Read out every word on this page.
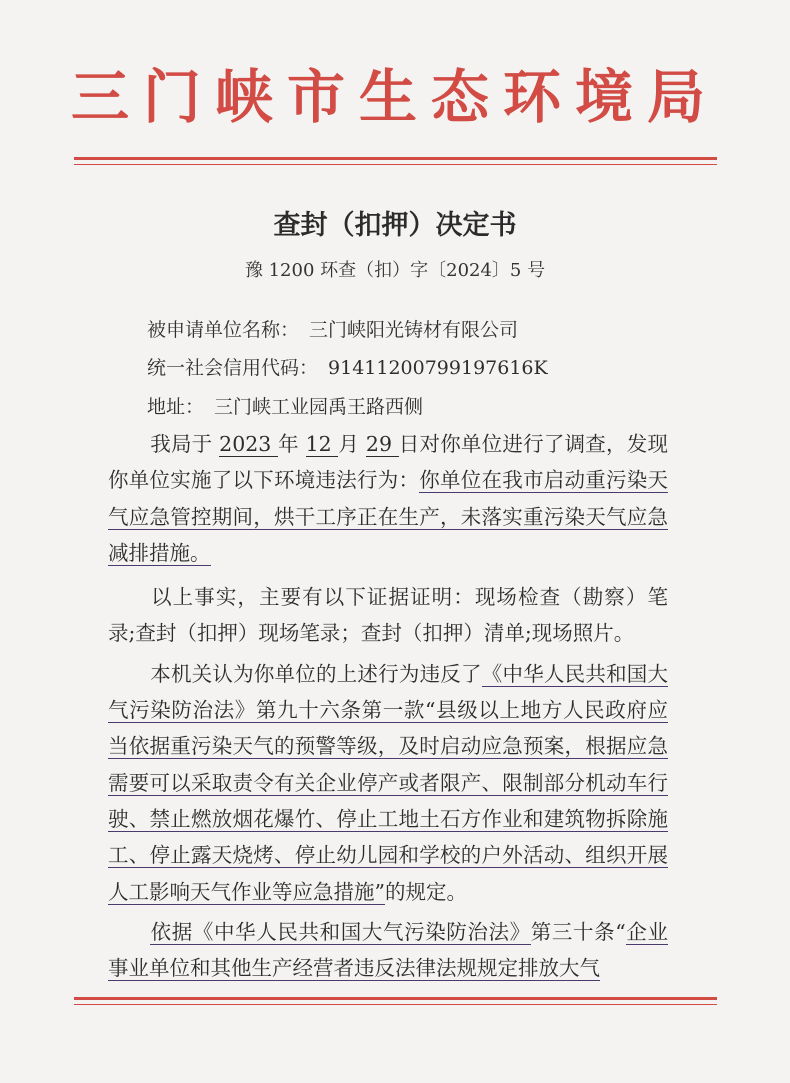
三门峡市生态环境局
查封（扣押）决定书
豫 1200 环查（扣）字〔2024〕5 号
被申请单位名称： 三门峡阳光铸材有限公司
统一社会信用代码： 91411200799197616K
地址： 三门峡工业园禹王路西侧

我局于 2023 年 12 月 29 日对你单位进行了调查，发现你单位实施了以下环境违法行为：你单位在我市启动重污染天气应急管控期间，烘干工序正在生产，未落实重污染天气应急减排措施。

以上事实，主要有以下证据证明：现场检查（勘察）笔录;查封（扣押）现场笔录；查封（扣押）清单;现场照片。

本机关认为你单位的上述行为违反了《中华人民共和国大气污染防治法》第九十六条第一款“县级以上地方人民政府应当依据重污染天气的预警等级，及时启动应急预案，根据应急需要可以采取责令有关企业停产或者限产、限制部分机动车行驶、禁止燃放烟花爆竹、停止工地土石方作业和建筑物拆除施工、停止露天烧烤、停止幼儿园和学校的户外活动、组织开展人工影响天气作业等应急措施”的规定。

依据《中华人民共和国大气污染防治法》第三十条“企业事业单位和其他生产经营者违反法律法规规定排放大气
